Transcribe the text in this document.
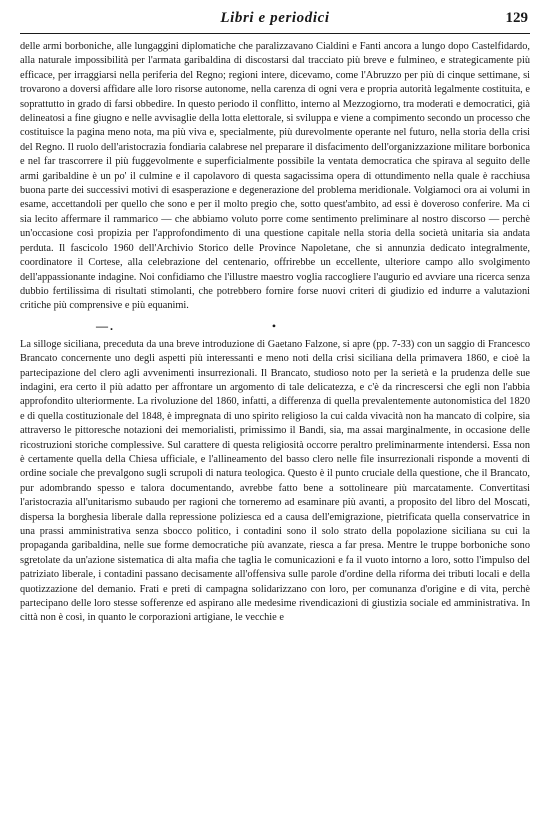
Libri e periodici	129

delle armi borboniche, alle lungaggini diplomatiche che paralizzavano Cialdini e Fanti ancora a lungo dopo Castelfidardo, alla naturale impossibilità per l'armata garibaldina di discostarsi dal tracciato più breve e fulmineo, e strategicamente più efficace, per irraggiarsi nella periferia del Regno; regioni intere, dicevamo, come l'Abruzzo per più di cinque settimane, si trovarono a doversi affidare alle loro risorse autonome, nella carenza di ogni vera e propria autorità legalmente costituita, e soprattutto in grado di farsi obbedire. In questo periodo il conflitto, interno al Mezzogiorno, tra moderati e democratici, già delineatosi a fine giugno e nelle avvisaglie della lotta elettorale, si sviluppa e viene a compimento secondo un processo che costituisce la pagina meno nota, ma più viva e, specialmente, più durevolmente operante nel futuro, nella storia della crisi del Regno. Il ruolo dell'aristocrazia fondiaria calabrese nel preparare il disfacimento dell'organizzazione militare borbonica e nel far trascorrere il più fuggevolmente e superficialmente possibile la ventata democratica che spirava al seguito delle armi garibaldine è un po' il culmine e il capolavoro di questa sagacissima opera di ottundimento nella quale è racchiusa buona parte dei successivi motivi di esasperazione e degenerazione del problema meridionale. Volgiamoci ora ai volumi in esame, accettandoli per quello che sono e per il molto pregio che, sotto quest'ambito, ad essi è doveroso conferire. Ma ci sia lecito affermare il rammarico — che abbiamo voluto porre come sentimento preliminare al nostro discorso — perchè un'occasione così propizia per l'approfondimento di una questione capitale nella storia della società unitaria sia andata perduta. Il fascicolo 1960 dell'Archivio Storico delle Province Napoletane, che si annunzia dedicato integralmente, coordinatore il Cortese, alla celebrazione del centenario, offrirebbe un eccellente, ulteriore campo allo svolgimento dell'appassionante indagine. Noi confidiamo che l'illustre maestro voglia raccogliere l'augurio ed avviare una ricerca senza dubbio fertilissima di risultati stimolanti, che potrebbero fornire forse nuovi criteri di giudizio ed indurre a valutazioni critiche più comprensive e più equanimi.

—.	•

La silloge siciliana, preceduta da una breve introduzione di Gaetano Falzone, si apre (pp. 7-33) con un saggio di Francesco Brancato concernente uno degli aspetti più interessanti e meno noti della crisi siciliana della primavera 1860, e cioè la partecipazione del clero agli avvenimenti insurrezionali. Il Brancato, studioso noto per la serietà e la prudenza delle sue indagini, era certo il più adatto per affrontare un argomento di tale delicatezza, e c'è da rincrescersi che egli non l'abbia approfondito ulteriormente. La rivoluzione del 1860, infatti, a differenza di quella prevalentemente autonomistica del 1820 e di quella costituzionale del 1848, è impregnata di uno spirito religioso la cui calda vivacità non ha mancato di colpire, sia attraverso le pittoresche notazioni dei memorialisti, primissimo il Bandi, sia, ma assai marginalmente, in occasione delle ricostruzioni storiche complessive. Sul carattere di questa religiosità occorre peraltro preliminarmente intendersi. Essa non è certamente quella della Chiesa ufficiale, e l'allineamento del basso clero nelle file insurrezionali risponde a moventi di ordine sociale che prevalgono sugli scrupoli di natura teologica. Questo è il punto cruciale della questione, che il Brancato, pur adombrando spesso e talora documentando, avrebbe fatto bene a sottolineare più marcatamente. Convertitasi l'aristocrazia all'unitarismo subaudo per ragioni che torneremo ad esaminare più avanti, a proposito del libro del Moscati, dispersa la borghesia liberale dalla repressione poliziesca ed a causa dell'emigrazione, pietrificata quella conservatrice in una prassi amministrativa senza sbocco politico, i contadini sono il solo strato della popolazione siciliana su cui la propaganda garibaldina, nelle sue forme democratiche più avanzate, riesca a far presa. Mentre le truppe borboniche sono sgretolate da un'azione sistematica di alta mafia che taglia le comunicazioni e fa il vuoto intorno a loro, sotto l'impulso del patriziato liberale, i contadini passano decisamente all'offensiva sulle parole d'ordine della riforma dei tributi locali e della quotizzazione del demanio. Frati e preti di campagna solidarizzano con loro, per comunanza d'origine e di vita, perchè partecipano delle loro stesse sofferenze ed aspirano alle medesime rivendicazioni di giustizia sociale ed amministrativa. In città non è così, in quanto le corporazioni artigiane, le vecchie e
